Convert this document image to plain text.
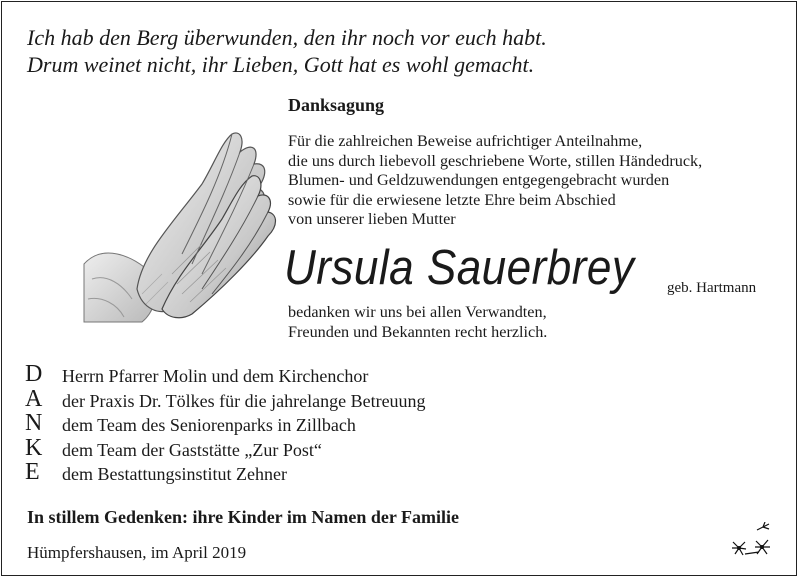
Ich hab den Berg überwunden, den ihr noch vor euch habt.
Drum weinet nicht, ihr Lieben, Gott hat es wohl gemacht.
Danksagung
Für die zahlreichen Beweise aufrichtiger Anteilnahme,
die uns durch liebevoll geschriebene Worte, stillen Händedruck,
Blumen- und Geldzuwendungen entgegengebracht wurden
sowie für die erwiesene letzte Ehre beim Abschied
von unserer lieben Mutter
Ursula Sauerbrey	geb. Hartmann
bedanken wir uns bei allen Verwandten,
Freunden und Bekannten recht herzlich.
D	Herrn Pfarrer Molin und dem Kirchenchor
A	der Praxis Dr. Tölkes für die jahrelange Betreuung
N	dem Team des Seniorenparks in Zillbach
K	dem Team der Gaststätte „Zur Post“
E	dem Bestattungsinstitut Zehner
In stillem Gedenken: ihre Kinder im Namen der Familie
Hümpfershausen, im April 2019
